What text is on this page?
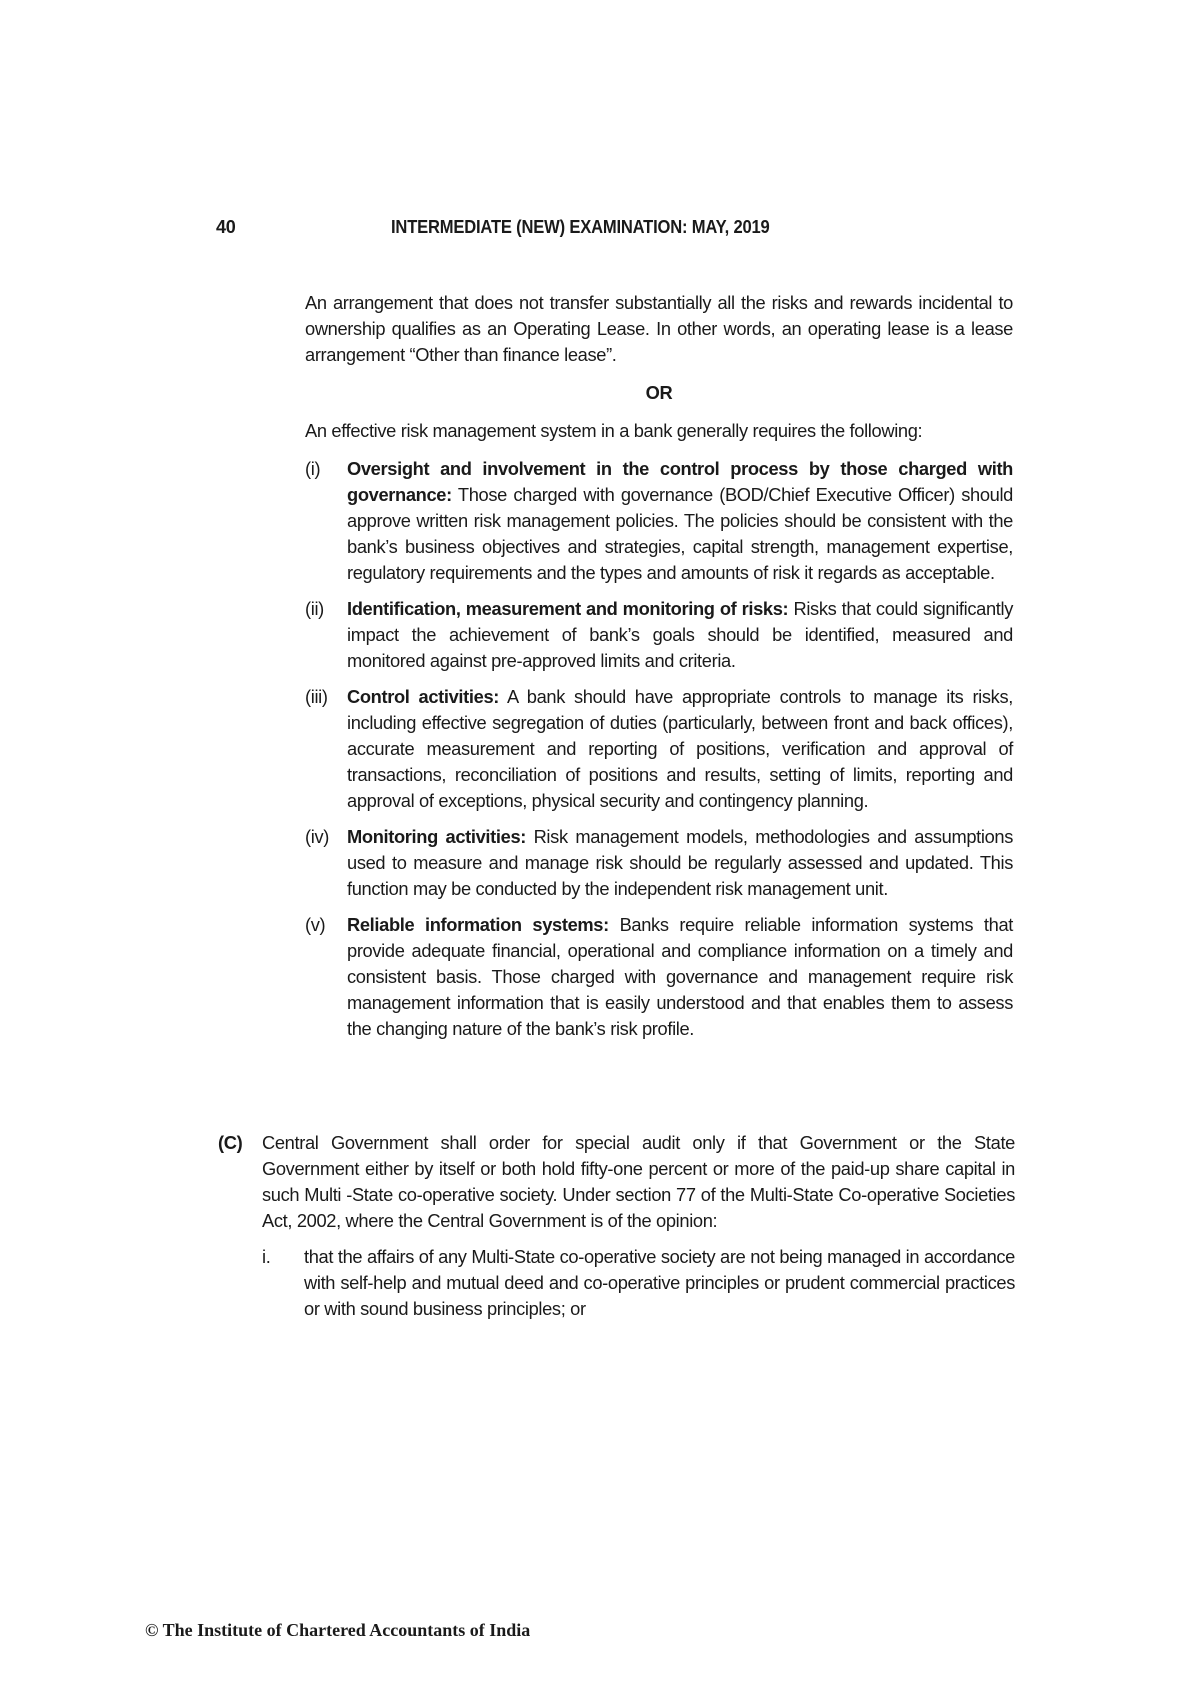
40	INTERMEDIATE (NEW) EXAMINATION: MAY, 2019

An arrangement that does not transfer substantially all the risks and rewards incidental to ownership qualifies as an Operating Lease. In other words, an operating lease is a lease arrangement “Other than finance lease”.

OR

An effective risk management system in a bank generally requires the following:

(i) Oversight and involvement in the control process by those charged with governance: Those charged with governance (BOD/Chief Executive Officer) should approve written risk management policies. The policies should be consistent with the bank’s business objectives and strategies, capital strength, management expertise, regulatory requirements and the types and amounts of risk it regards as acceptable.
(ii) Identification, measurement and monitoring of risks: Risks that could significantly impact the achievement of bank’s goals should be identified, measured and monitored against pre-approved limits and criteria.
(iii) Control activities: A bank should have appropriate controls to manage its risks, including effective segregation of duties (particularly, between front and back offices), accurate measurement and reporting of positions, verification and approval of transactions, reconciliation of positions and results, setting of limits, reporting and approval of exceptions, physical security and contingency planning.
(iv) Monitoring activities: Risk management models, methodologies and assumptions used to measure and manage risk should be regularly assessed and updated. This function may be conducted by the independent risk management unit.
(v) Reliable information systems: Banks require reliable information systems that provide adequate financial, operational and compliance information on a timely and consistent basis. Those charged with governance and management require risk management information that is easily understood and that enables them to assess the changing nature of the bank’s risk profile.
(C) Central Government shall order for special audit only if that Government or the State Government either by itself or both hold fifty-one percent or more of the paid-up share capital in such Multi -State co-operative society. Under section 77 of the Multi-State Co-operative Societies Act, 2002, where the Central Government is of the opinion:
i. that the affairs of any Multi-State co-operative society are not being managed in accordance with self-help and mutual deed and co-operative principles or prudent commercial practices or with sound business principles; or
© The Institute of Chartered Accountants of India
